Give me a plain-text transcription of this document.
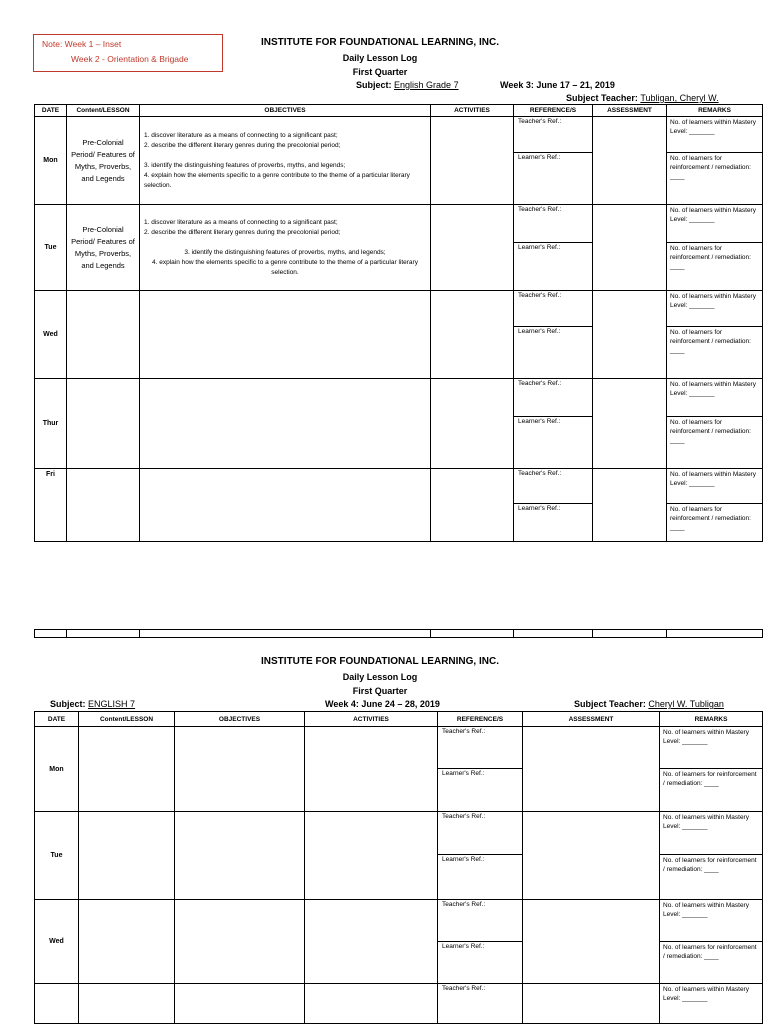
Note: Week 1 – Inset
Week 2 - Orientation & Brigade
INSTITUTE FOR FOUNDATIONAL LEARNING, INC.
Daily Lesson Log
First Quarter
Subject: English Grade 7	Week 3: June 17 – 21, 2019
Subject Teacher: Tubligan, Cheryl W.
DATE	Content/LESSON	OBJECTIVES	ACTIVITIES	REFERENCE/S	ASSESSMENT	REMARKS
Mon	Pre-Colonial Period/ Features of Myths, Proverbs, and Legends	1. discover literature as a means of connecting to a significant past;

2. describe the different literary genres during the precolonial period;

3. identify the distinguishing features of proverbs, myths, and legends;

4. explain how the elements specific to a genre contribute to the theme of a particular literary selection.		Teacher's Ref.:		No. of learners within Mastery Level: _______
				Learner's Ref.:		No. of learners for reinforcement / remediation: ____
Tue	Pre-Colonial Period/ Features of Myths, Proverbs, and Legends	1. discover literature as a means of connecting to a significant past;

2. describe the different literary genres during the precolonial period;

3. identify the distinguishing features of proverbs, myths, and legends;

4. explain how the elements specific to a genre contribute to the theme of a particular literary selection.		Teacher's Ref.:		No. of learners within Mastery Level: _______
				Learner's Ref.:		No. of learners for reinforcement / remediation: ____
Wed				Teacher's Ref.:		No. of learners within Mastery Level: _______
				Learner's Ref.:		No. of learners for reinforcement / remediation: ____
Thur				Teacher's Ref.:		No. of learners within Mastery Level: _______
				Learner's Ref.:		No. of learners for reinforcement / remediation: ____
Fri				Teacher's Ref.:		No. of learners within Mastery Level: _______
				Learner's Ref.:		No. of learners for reinforcement / remediation: ____

INSTITUTE FOR FOUNDATIONAL LEARNING, INC.
Daily Lesson Log
First Quarter
Subject: ENGLISH 7	Week 4: June 24 – 28, 2019	Subject Teacher: Cheryl W. Tubligan
DATE	Content/LESSON	OBJECTIVES	ACTIVITIES	REFERENCE/S	ASSESSMENT	REMARKS
Mon				Teacher's Ref.:		No. of learners within Mastery Level: _______
				Learner's Ref.:		No. of learners for reinforcement / remediation: ____
Tue				Teacher's Ref.:		No. of learners within Mastery Level: _______
				Learner's Ref.:		No. of learners for reinforcement / remediation: ____
Wed				Teacher's Ref.:		No. of learners within Mastery Level: _______
				Learner's Ref.:		No. of learners for reinforcement / remediation: ____
				Teacher's Ref.:		No. of learners within Mastery Level: _______
